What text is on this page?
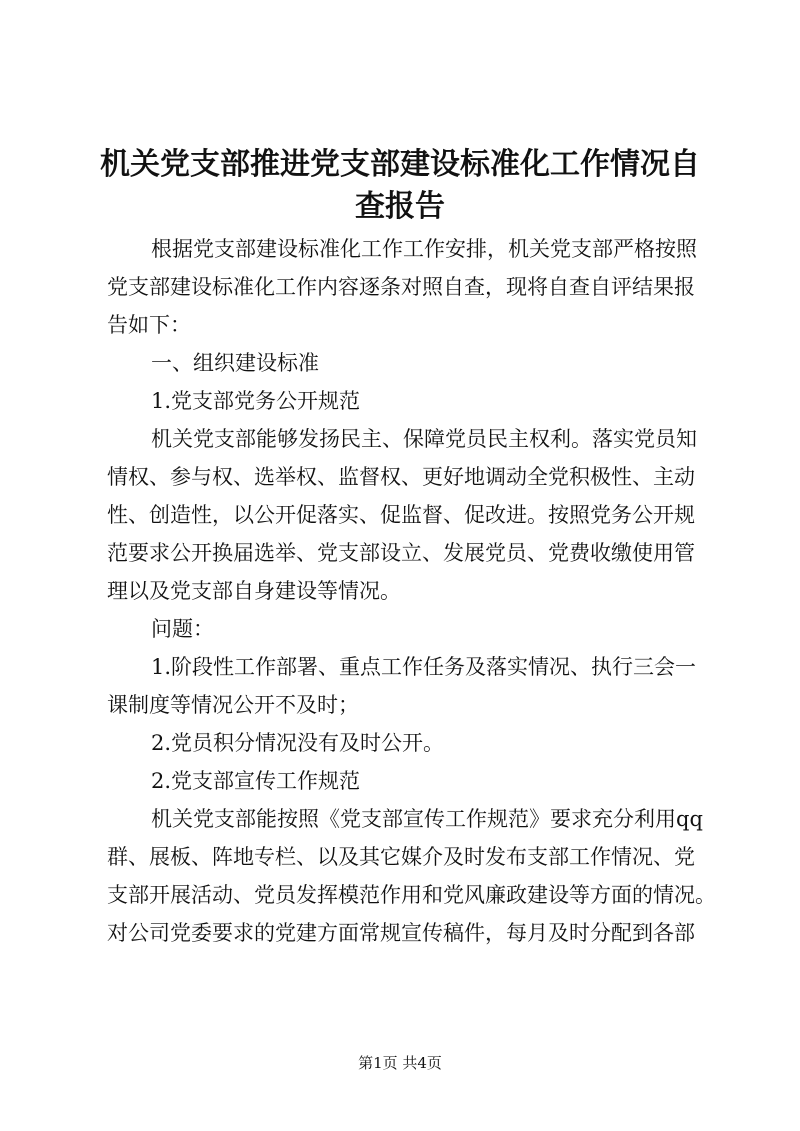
机关党支部推进党支部建设标准化工作情况自
查报告
根据党支部建设标准化工作工作安排，机关党支部严格按照
党支部建设标准化工作内容逐条对照自查，现将自查自评结果报
告如下：
一、组织建设标准
1.党支部党务公开规范
机关党支部能够发扬民主、保障党员民主权利。落实党员知
情权、参与权、选举权、监督权、更好地调动全党积极性、主动
性、创造性，以公开促落实、促监督、促改进。按照党务公开规
范要求公开换届选举、党支部设立、发展党员、党费收缴使用管
理以及党支部自身建设等情况。
问题：
1.阶段性工作部署、重点工作任务及落实情况、执行三会一
课制度等情况公开不及时；
2.党员积分情况没有及时公开。
2.党支部宣传工作规范
机关党支部能按照《党支部宣传工作规范》要求充分利用qq
群、展板、阵地专栏、以及其它媒介及时发布支部工作情况、党
支部开展活动、党员发挥模范作用和党风廉政建设等方面的情况。
对公司党委要求的党建方面常规宣传稿件，每月及时分配到各部
第1页 共4页
